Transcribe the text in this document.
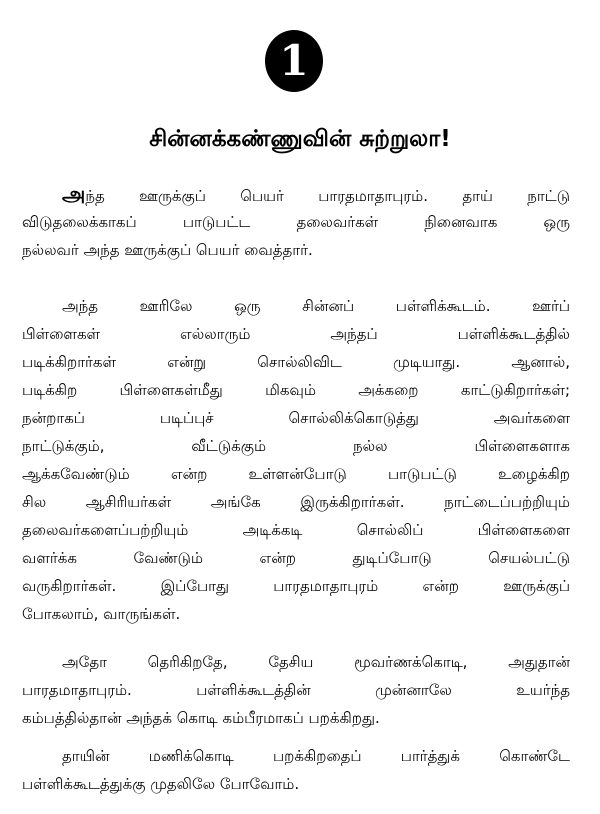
1
சின்னக்கண்ணுவின் சுற்றுலா!
அந்த ஊருக்குப் பெயர் பாரதமாதாபுரம். தாய் நாட்டு
விடுதலைக்காகப் பாடுபட்ட தலைவர்கள் நினைவாக ஒரு
நல்லவர் அந்த ஊருக்குப் பெயர் வைத்தார்.
அந்த ஊரிலே ஒரு சின்னப் பள்ளிக்கூடம். ஊர்ப்
பிள்ளைகள் எல்லாரும் அந்தப் பள்ளிக்கூடத்தில்
படிக்கிறார்கள் என்று சொல்லிவிட முடியாது. ஆனால்,
படிக்கிற பிள்ளைகள்மீது மிகவும் அக்கறை காட்டுகிறார்கள்;
நன்றாகப் படிப்புச் சொல்லிக்கொடுத்து அவர்களை
நாட்டுக்கும், வீட்டுக்கும் நல்ல பிள்ளைகளாக
ஆக்கவேண்டும் என்ற உள்ளன்போடு பாடுபட்டு உழைக்கிற
சில ஆசிரியர்கள் அங்கே இருக்கிறார்கள். நாட்டைப்பற்றியும்
தலைவர்களைப்பற்றியும் அடிக்கடி சொல்லிப் பிள்ளைகளை
வளர்க்க வேண்டும் என்ற துடிப்போடு செயல்பட்டு
வருகிறார்கள். இப்போது பாரதமாதாபுரம் என்ற ஊருக்குப்
போகலாம், வாருங்கள்.
அதோ தெரிகிறதே, தேசிய மூவர்ணக்கொடி, அதுதான்
பாரதமாதாபுரம். பள்ளிக்கூடத்தின் முன்னாலே உயர்ந்த
கம்பத்தில்தான் அந்தக் கொடி கம்பீரமாகப் பறக்கிறது.
தாயின் மணிக்கொடி பறக்கிறதைப் பார்த்துக் கொண்டே
பள்ளிக்கூடத்துக்கு முதலிலே போவோம்.
